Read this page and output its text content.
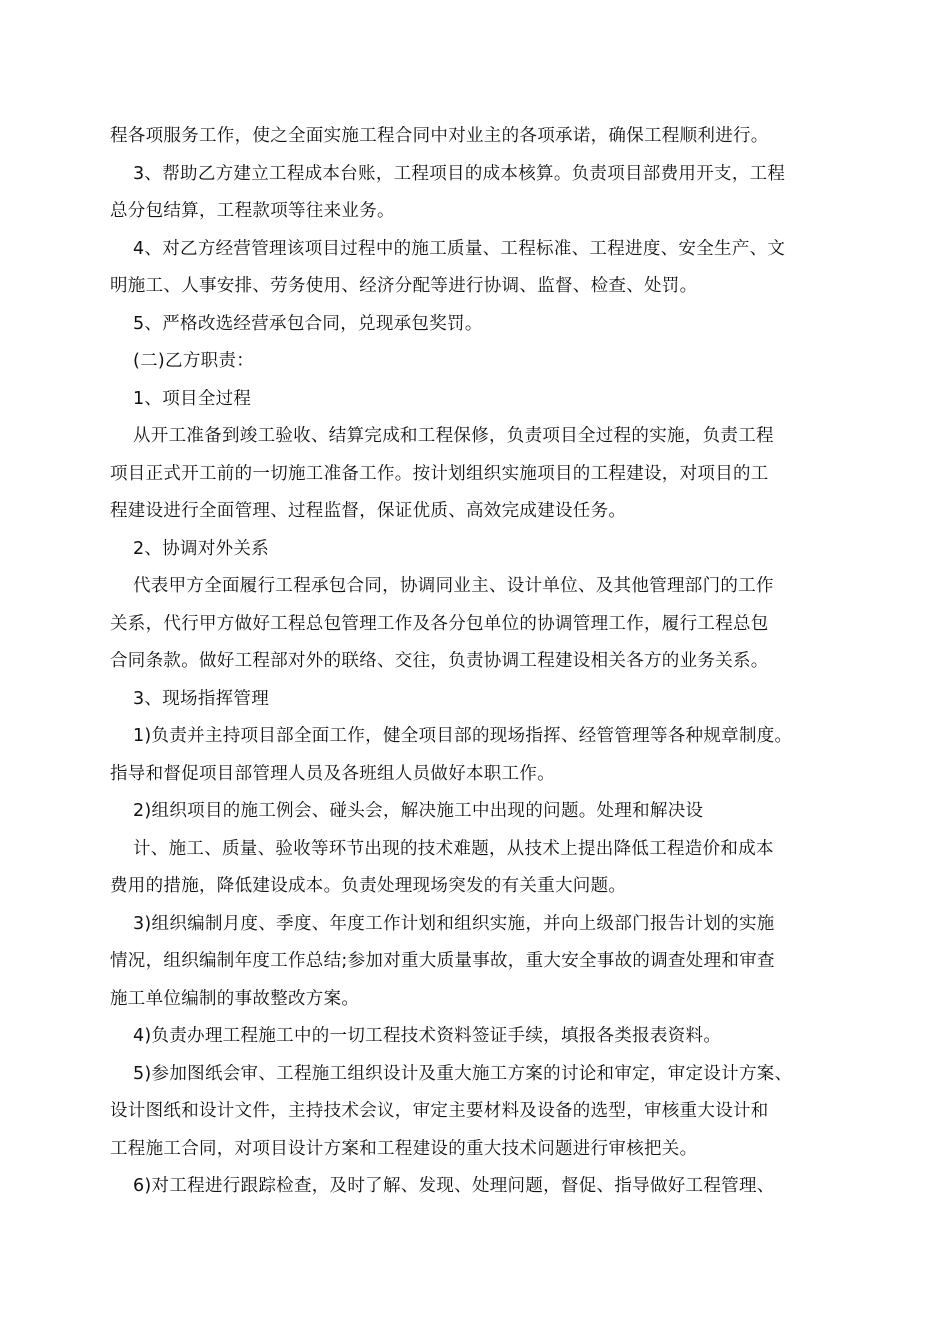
程各项服务工作，使之全面实施工程合同中对业主的各项承诺，确保工程顺利进行。
3、帮助乙方建立工程成本台账，工程项目的成本核算。负责项目部费用开支，工程
总分包结算，工程款项等往来业务。
4、对乙方经营管理该项目过程中的施工质量、工程标准、工程进度、安全生产、文
明施工、人事安排、劳务使用、经济分配等进行协调、监督、检查、处罚。
5、严格改选经营承包合同，兑现承包奖罚。
(二)乙方职责：
1、项目全过程
从开工准备到竣工验收、结算完成和工程保修，负责项目全过程的实施，负责工程
项目正式开工前的一切施工准备工作。按计划组织实施项目的工程建设，对项目的工
程建设进行全面管理、过程监督，保证优质、高效完成建设任务。
2、协调对外关系
代表甲方全面履行工程承包合同，协调同业主、设计单位、及其他管理部门的工作
关系，代行甲方做好工程总包管理工作及各分包单位的协调管理工作，履行工程总包
合同条款。做好工程部对外的联络、交往，负责协调工程建设相关各方的业务关系。
3、现场指挥管理
1)负责并主持项目部全面工作，健全项目部的现场指挥、经管管理等各种规章制度。
指导和督促项目部管理人员及各班组人员做好本职工作。
2)组织项目的施工例会、碰头会，解决施工中出现的问题。处理和解决设
计、施工、质量、验收等环节出现的技术难题，从技术上提出降低工程造价和成本
费用的措施，降低建设成本。负责处理现场突发的有关重大问题。
3)组织编制月度、季度、年度工作计划和组织实施，并向上级部门报告计划的实施
情况，组织编制年度工作总结;参加对重大质量事故，重大安全事故的调查处理和审查
施工单位编制的事故整改方案。
4)负责办理工程施工中的一切工程技术资料签证手续，填报各类报表资料。
5)参加图纸会审、工程施工组织设计及重大施工方案的讨论和审定，审定设计方案、
设计图纸和设计文件，主持技术会议，审定主要材料及设备的选型，审核重大设计和
工程施工合同，对项目设计方案和工程建设的重大技术问题进行审核把关。
6)对工程进行跟踪检查，及时了解、发现、处理问题，督促、指导做好工程管理、
